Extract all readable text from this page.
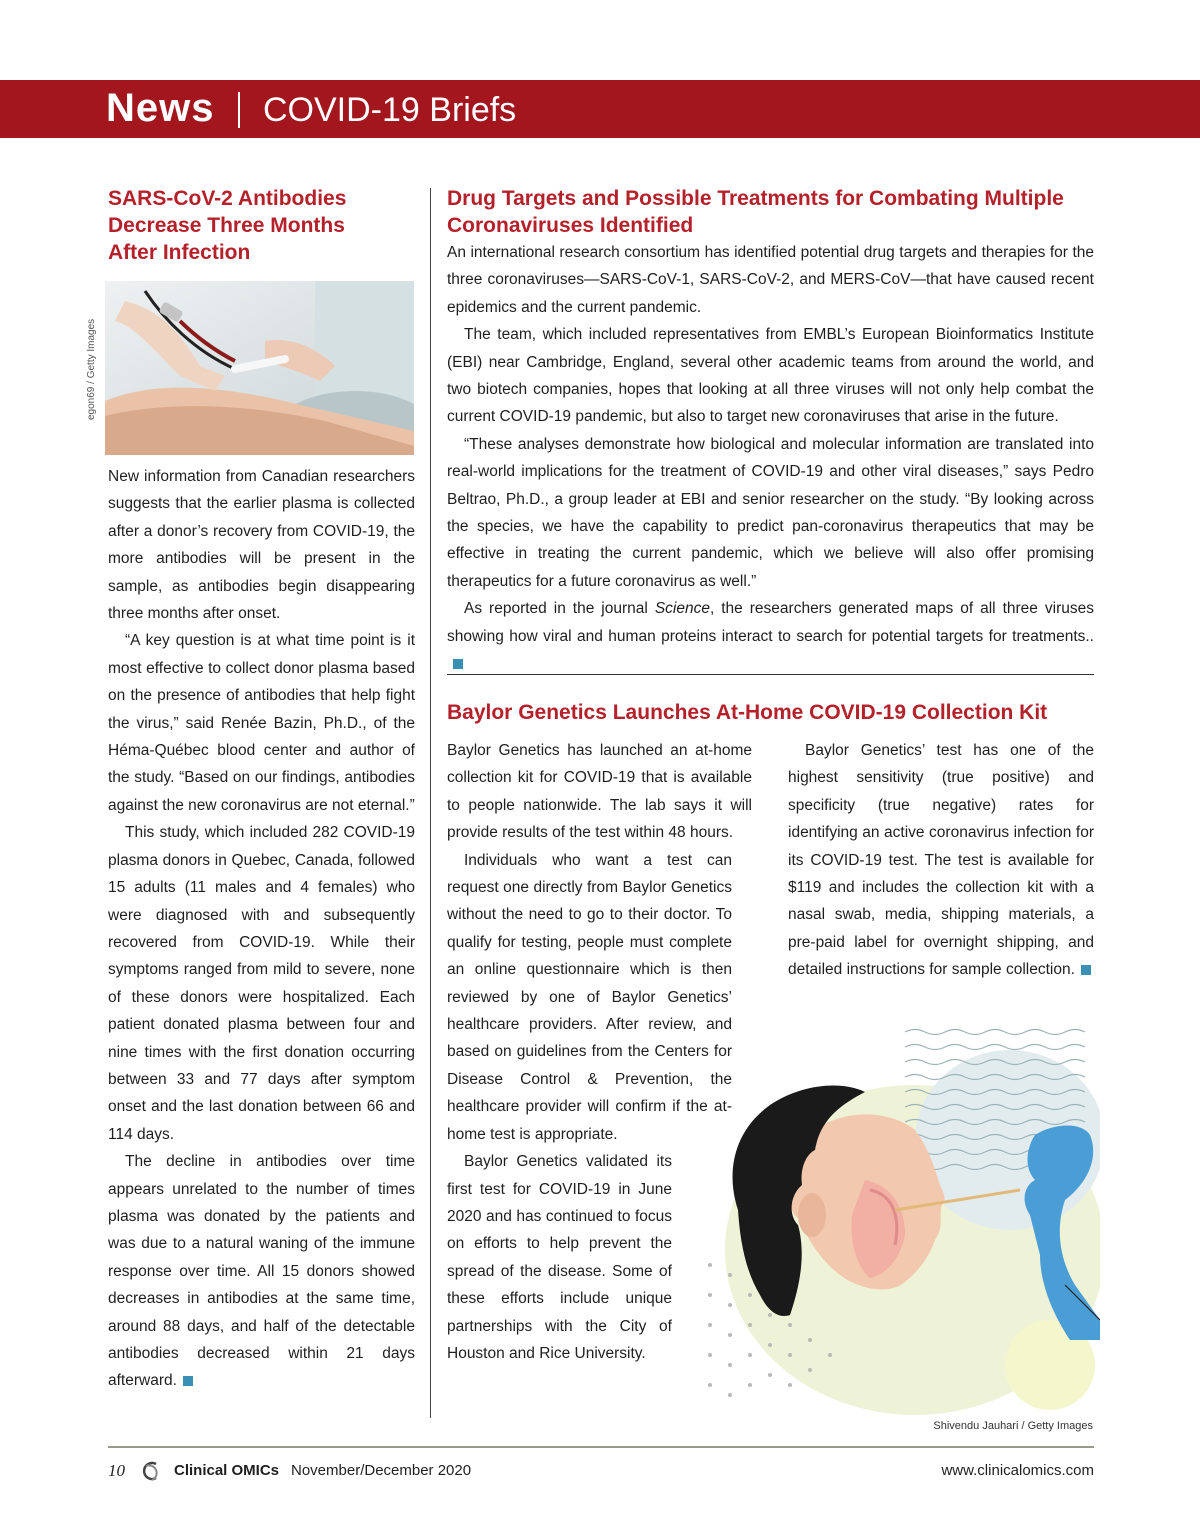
News COVID-19 Briefs
SARS-CoV-2 Antibodies Decrease Three Months After Infection
egon69 / Getty Images

New information from Canadian researchers suggests that the earlier plasma is collected after a donor’s recovery from COVID-19, the more antibodies will be present in the sample, as antibodies begin disappearing three months after onset.

“A key question is at what time point is it most effective to collect donor plasma based on the presence of antibodies that help fight the virus,” said Renée Bazin, Ph.D., of the Héma-Québec blood center and author of the study. “Based on our findings, antibodies against the new coronavirus are not eternal.”

This study, which included 282 COVID-19 plasma donors in Quebec, Canada, followed 15 adults (11 males and 4 females) who were diagnosed with and subsequently recovered from COVID-19. While their symptoms ranged from mild to severe, none of these donors were hospitalized. Each patient donated plasma between four and nine times with the first donation occurring between 33 and 77 days after symptom onset and the last donation between 66 and 114 days.

The decline in antibodies over time appears unrelated to the number of times plasma was donated by the patients and was due to a natural waning of the immune response over time. All 15 donors showed decreases in antibodies at the same time, around 88 days, and half of the detectable antibodies decreased within 21 days afterward.

Drug Targets and Possible Treatments for Combating Multiple Coronaviruses Identified

An international research consortium has identified potential drug targets and therapies for the three coronaviruses—SARS-CoV-1, SARS-CoV-2, and MERS-CoV—that have caused recent epidemics and the current pandemic.

The team, which included representatives from EMBL’s European Bioinformatics Institute (EBI) near Cambridge, England, several other academic teams from around the world, and two biotech companies, hopes that looking at all three viruses will not only help combat the current COVID-19 pandemic, but also to target new coronaviruses that arise in the future.

“These analyses demonstrate how biological and molecular information are translated into real-world implications for the treatment of COVID-19 and other viral diseases,” says Pedro Beltrao, Ph.D., a group leader at EBI and senior researcher on the study. “By looking across the species, we have the capability to predict pan-coronavirus therapeutics that may be effective in treating the current pandemic, which we believe will also offer promising therapeutics for a future coronavirus as well.”

As reported in the journal Science, the researchers generated maps of all three viruses showing how viral and human proteins interact to search for potential targets for treatments..

Baylor Genetics Launches At-Home COVID-19 Collection Kit

Baylor Genetics has launched an at-home collection kit for COVID-19 that is available to people nationwide. The lab says it will provide results of the test within 48 hours.

Individuals who want a test can request one directly from Baylor Genetics without the need to go to their doctor. To qualify for testing, people must complete an online questionnaire which is then reviewed by one of Baylor Genetics’ healthcare providers. After review, and based on guidelines from the Centers for Disease Control & Prevention, the healthcare provider will confirm if the at-home test is appropriate.

Baylor Genetics validated its first test for COVID-19 in June 2020 and has continued to focus on efforts to help prevent the spread of the disease. Some of these efforts include unique partnerships with the City of Houston and Rice University.

Baylor Genetics’ test has one of the highest sensitivity (true positive) and specificity (true negative) rates for identifying an active coronavirus infection for its COVID-19 test. The test is available for $119 and includes the collection kit with a nasal swab, media, shipping materials, a pre-paid label for overnight shipping, and detailed instructions for sample collection.

Shivendu Jauhari / Getty Images
10	Clinical OMICs November/December 2020	www.clinicalomics.com
